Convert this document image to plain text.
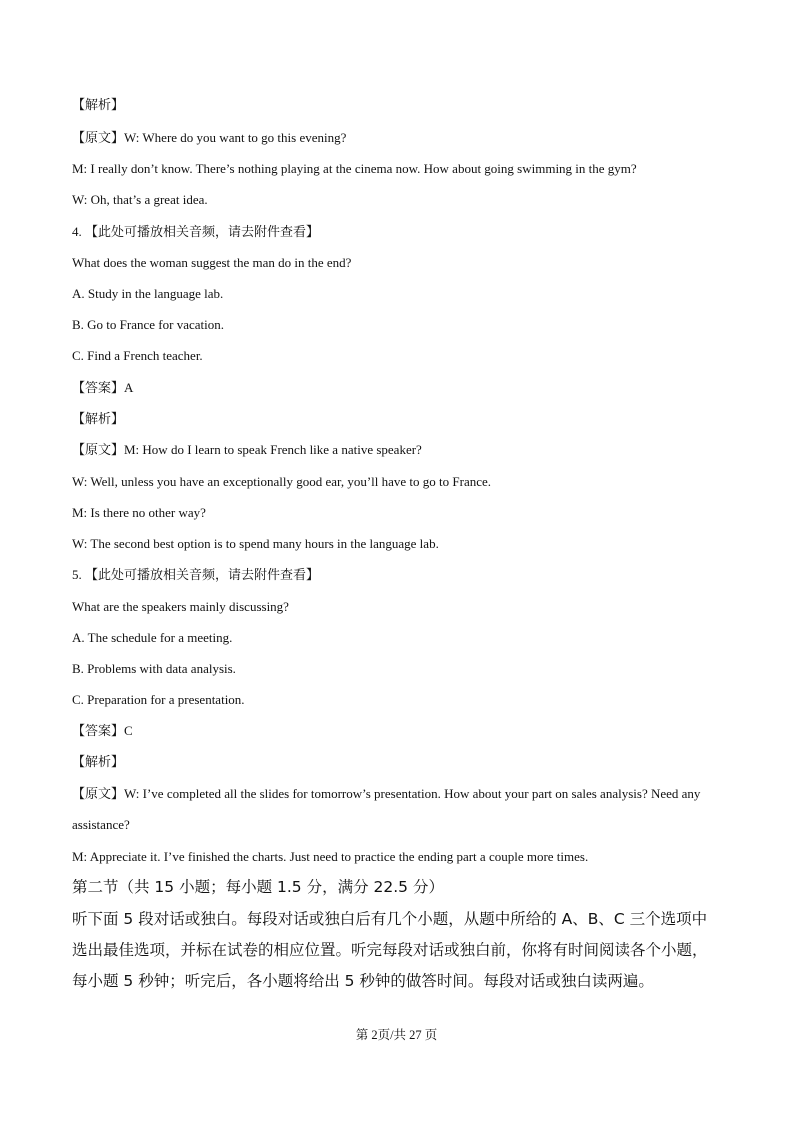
【解析】
【原文】W: Where do you want to go this evening?
M: I really don’t know. There’s nothing playing at the cinema now. How about going swimming in the gym?
W: Oh, that’s a great idea.
4. 【此处可播放相关音频，请去附件查看】
What does the woman suggest the man do in the end?
A. Study in the language lab.
B. Go to France for vacation.
C. Find a French teacher.
【答案】A
【解析】
【原文】M: How do I learn to speak French like a native speaker?
W: Well, unless you have an exceptionally good ear, you’ll have to go to France.
M: Is there no other way?
W: The second best option is to spend many hours in the language lab.
5. 【此处可播放相关音频，请去附件查看】
What are the speakers mainly discussing?
A. The schedule for a meeting.
B. Problems with data analysis.
C. Preparation for a presentation.
【答案】C
【解析】
【原文】W: I’ve completed all the slides for tomorrow’s presentation. How about your part on sales analysis? Need any assistance?
M: Appreciate it. I’ve finished the charts. Just need to practice the ending part a couple more times.
第二节（共 15 小题；每小题 1.5 分，满分 22.5 分）
听下面 5 段对话或独白。每段对话或独白后有几个小题，从题中所给的 A、B、C 三个选项中
选出最佳选项，并标在试卷的相应位置。听完每段对话或独白前，你将有时间阅读各个小题，
每小题 5 秒钟；听完后，各小题将给出 5 秒钟的做答时间。每段对话或独白读两遍。
第 2页/共 27 页
